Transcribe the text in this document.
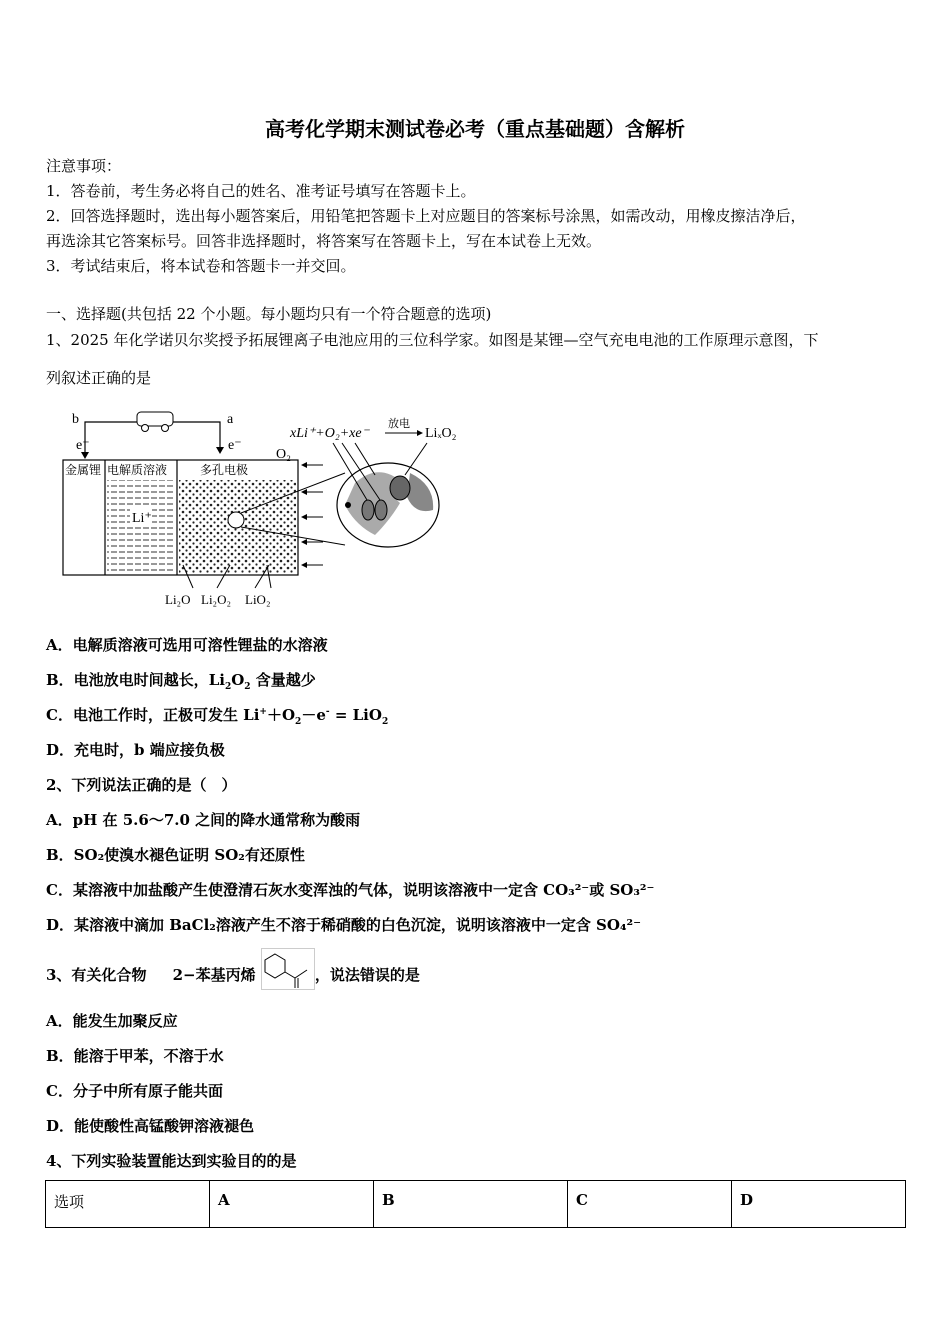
高考化学期末测试卷必考（重点基础题）含解析
注意事项：
1．答卷前，考生务必将自己的姓名、准考证号填写在答题卡上。
2．回答选择题时，选出每小题答案后，用铅笔把答题卡上对应题目的答案标号涂黑，如需改动，用橡皮擦洁净后，
再选涂其它答案标号。回答非选择题时，将答案写在答题卡上，写在本试卷上无效。
3．考试结束后，将本试卷和答题卡一并交回。
一、选择题(共包括 22 个小题。每小题均只有一个符合题意的选项)
1、2025 年化学诺贝尔奖授予拓展锂离子电池应用的三位科学家。如图是某锂—空气充电电池的工作原理示意图，下
列叙述正确的是
b	a
e⁻	e⁻
金属锂 电解质溶液	多孔电极
Li⁺
O₂
xLi⁺+O₂+xe⁻
放电
LiₓO₂
Li₂O Li₂O₂ LiO₂
A．电解质溶液可选用可溶性锂盐的水溶液
B．电池放电时间越长，$Li_2O_2$ 含量越少
C．电池工作时，正极可发生 $Li^++O_2-e^- = LiO_2$
D．充电时，b 端应接负极
2、下列说法正确的是（　）
A．pH 在 5.6～7.0 之间的降水通常称为酸雨
B．SO₂使溴水褪色证明 SO₂有还原性
C．某溶液中加盐酸产生使澄清石灰水变浑浊的气体，说明该溶液中一定含 CO₃²⁻或 SO₃²⁻
D．某溶液中滴加 BaCl₂溶液产生不溶于稀硝酸的白色沉淀，说明该溶液中一定含 SO₄²⁻
3、有关化合物 2−苯基丙烯	，说法错误的是
A．能发生加聚反应
B．能溶于甲苯，不溶于水
C．分子中所有原子能共面
D．能使酸性高锰酸钾溶液褪色
4、下列实验装置能达到实验目的的是
选项	A	B	C	D
